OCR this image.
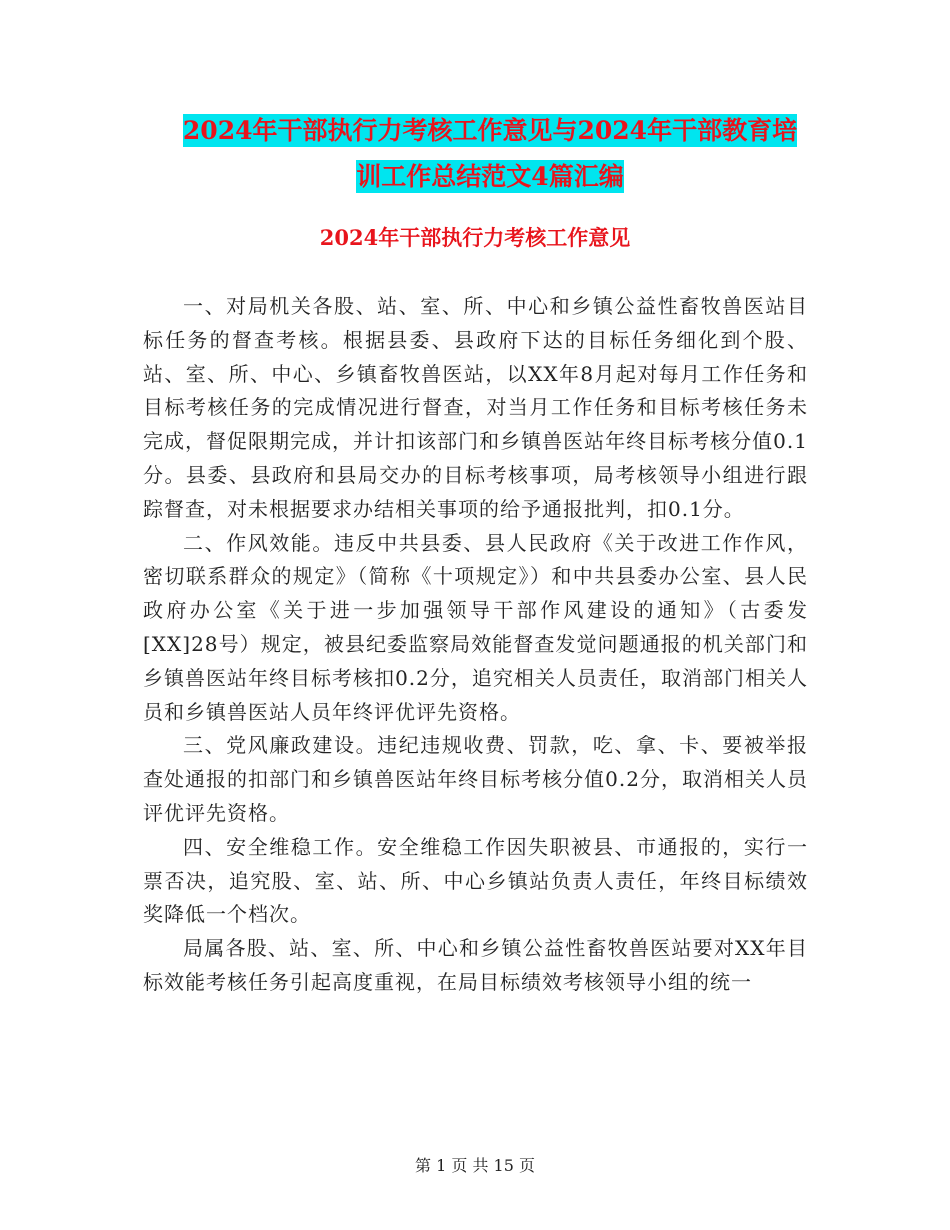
2024年干部执行力考核工作意见与2024年干部教育培
训工作总结范文4篇汇编
2024年干部执行力考核工作意见

一、对局机关各股、站、室、所、中心和乡镇公益性畜牧兽医站目标任务的督查考核。根据县委、县政府下达的目标任务细化到个股、站、室、所、中心、乡镇畜牧兽医站，以XX年8月起对每月工作任务和目标考核任务的完成情况进行督查，对当月工作任务和目标考核任务未完成，督促限期完成，并计扣该部门和乡镇兽医站年终目标考核分值0.1分。县委、县政府和县局交办的目标考核事项，局考核领导小组进行跟踪督查，对未根据要求办结相关事项的给予通报批判，扣0.1分。

二、作风效能。违反中共县委、县人民政府《关于改进工作作风，密切联系群众的规定》（简称《十项规定》）和中共县委办公室、县人民政府办公室《关于进一步加强领导干部作风建设的通知》（古委发[XX]28号）规定，被县纪委监察局效能督查发觉问题通报的机关部门和乡镇兽医站年终目标考核扣0.2分，追究相关人员责任，取消部门相关人员和乡镇兽医站人员年终评优评先资格。

三、党风廉政建设。违纪违规收费、罚款，吃、拿、卡、要被举报查处通报的扣部门和乡镇兽医站年终目标考核分值0.2分，取消相关人员评优评先资格。

四、安全维稳工作。安全维稳工作因失职被县、市通报的，实行一票否决，追究股、室、站、所、中心乡镇站负责人责任，年终目标绩效奖降低一个档次。

局属各股、站、室、所、中心和乡镇公益性畜牧兽医站要对XX年目标效能考核任务引起高度重视，在局目标绩效考核领导小组的统一

第 1 页 共 15 页
